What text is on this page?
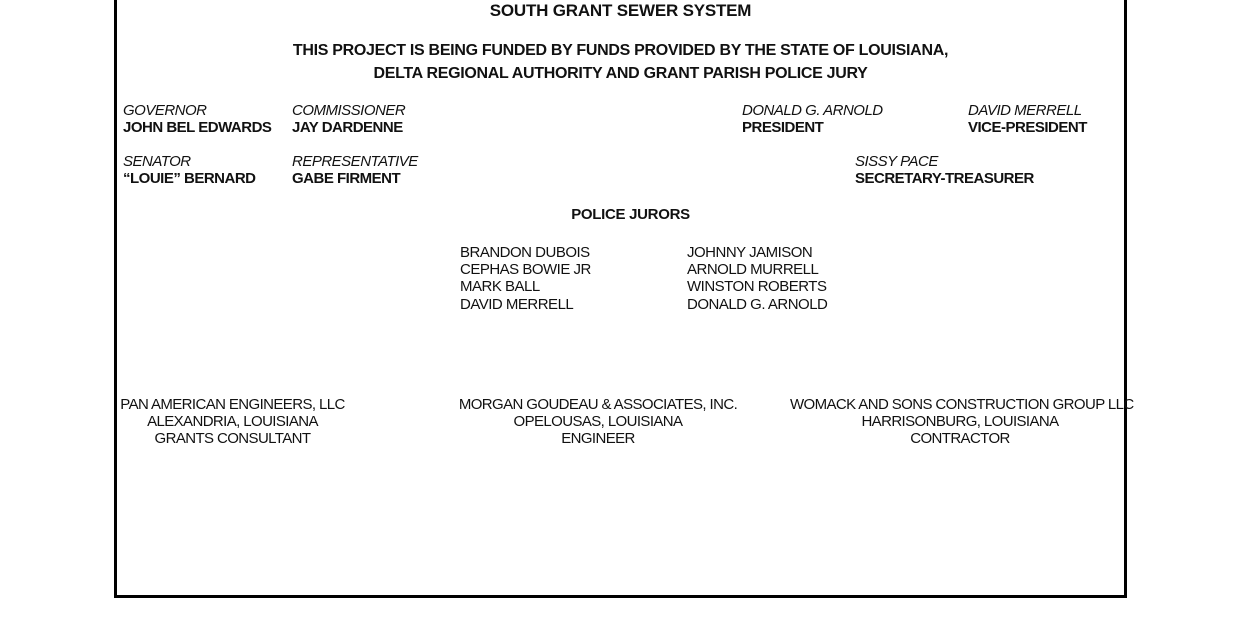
SOUTH GRANT SEWER SYSTEM
THIS PROJECT IS BEING FUNDED BY FUNDS PROVIDED BY THE STATE OF LOUISIANA,
DELTA REGIONAL AUTHORITY AND GRANT PARISH POLICE JURY
GOVERNOR
JOHN BEL EDWARDS
COMMISSIONER
JAY DARDENNE
DONALD G. ARNOLD
PRESIDENT
DAVID MERRELL
VICE-PRESIDENT
SENATOR
“LOUIE” BERNARD
REPRESENTATIVE
GABE FIRMENT
SISSY PACE
SECRETARY-TREASURER
POLICE JURORS
BRANDON DUBOIS
CEPHAS BOWIE JR
MARK BALL
DAVID MERRELL
JOHNNY JAMISON
ARNOLD MURRELL
WINSTON ROBERTS
DONALD G. ARNOLD
PAN AMERICAN ENGINEERS, LLC
ALEXANDRIA, LOUISIANA
GRANTS CONSULTANT
MORGAN GOUDEAU & ASSOCIATES, INC.
OPELOUSAS, LOUISIANA
ENGINEER
WOMACK AND SONS CONSTRUCTION GROUP LLC
HARRISONBURG, LOUISIANA
CONTRACTOR
